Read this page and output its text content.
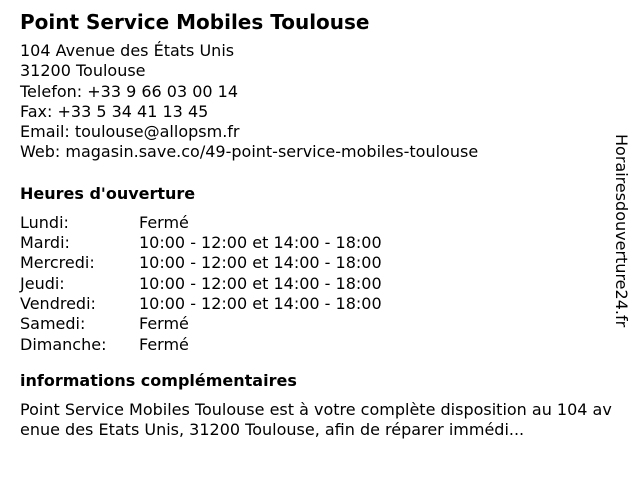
Point Service Mobiles Toulouse
104 Avenue des États Unis
31200 Toulouse
Telefon: +33 9 66 03 00 14
Fax: +33 5 34 41 13 45
Email: toulouse@allopsm.fr
Web: magasin.save.co/49-point-service-mobiles-toulouse
Heures d'ouverture
Lundi:	Fermé
Mardi:	10:00 - 12:00 et 14:00 - 18:00
Mercredi:	10:00 - 12:00 et 14:00 - 18:00
Jeudi:	10:00 - 12:00 et 14:00 - 18:00
Vendredi:	10:00 - 12:00 et 14:00 - 18:00
Samedi:	Fermé
Dimanche:	Fermé
informations complémentaires
Point Service Mobiles Toulouse est à votre complète disposition au 104 avenue des Etats Unis, 31200 Toulouse, afin de réparer immédi...
Horairesdouverture24.fr
